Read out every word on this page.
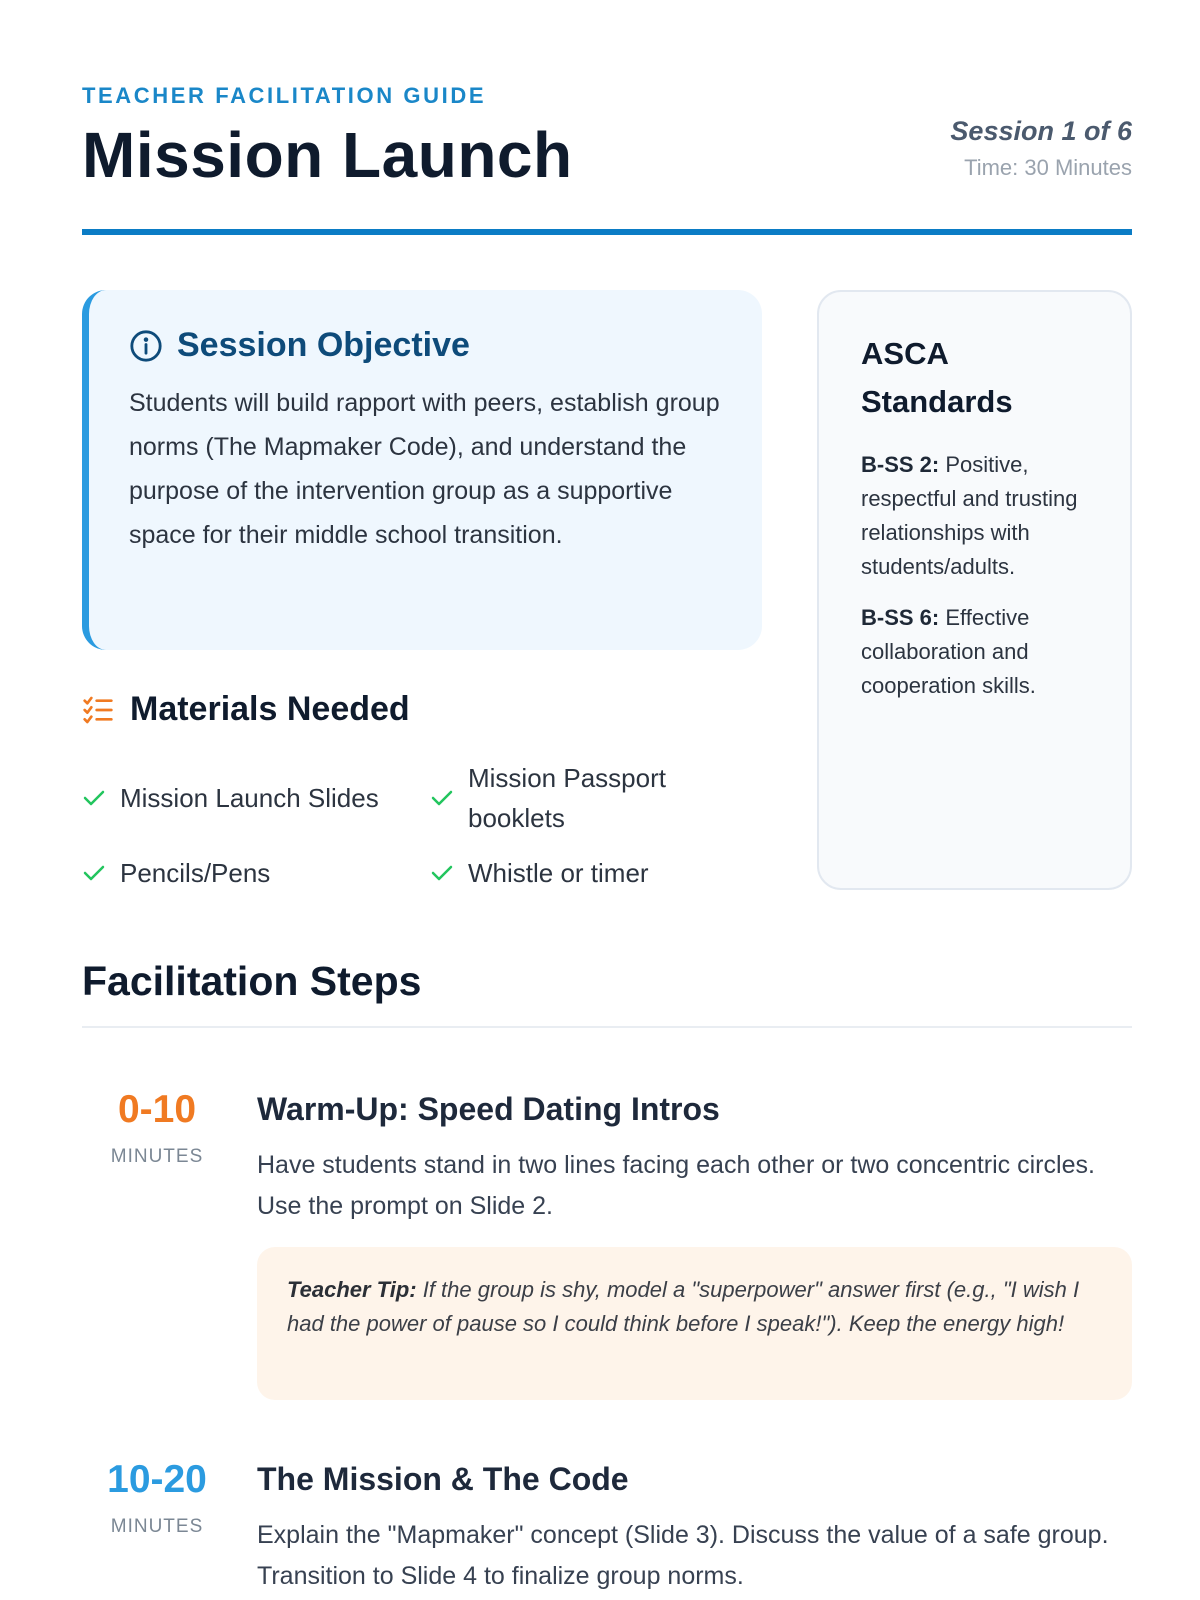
TEACHER FACILITATION GUIDE
Mission Launch	Session 1 of 6
Time: 30 Minutes
Session Objective
Students will build rapport with peers, establish group norms (The Mapmaker Code), and understand the purpose of the intervention group as a supportive space for their middle school transition.
Materials Needed
Mission Launch Slides
Mission Passport booklets
Pencils/Pens	Whistle or timer
ASCA
Standards
B-SS 2: Positive, respectful and trusting relationships with students/adults.
B-SS 6: Effective collaboration and cooperation skills.
Facilitation Steps
0-10
MINUTES
Warm-Up: Speed Dating Intros
Have students stand in two lines facing each other or two concentric circles. Use the prompt on Slide 2.
Teacher Tip: If the group is shy, model a "superpower" answer first (e.g., "I wish I had the power of pause so I could think before I speak!"). Keep the energy high!
10-20
MINUTES
The Mission & The Code
Explain the "Mapmaker" concept (Slide 3). Discuss the value of a safe group. Transition to Slide 4 to finalize group norms.
